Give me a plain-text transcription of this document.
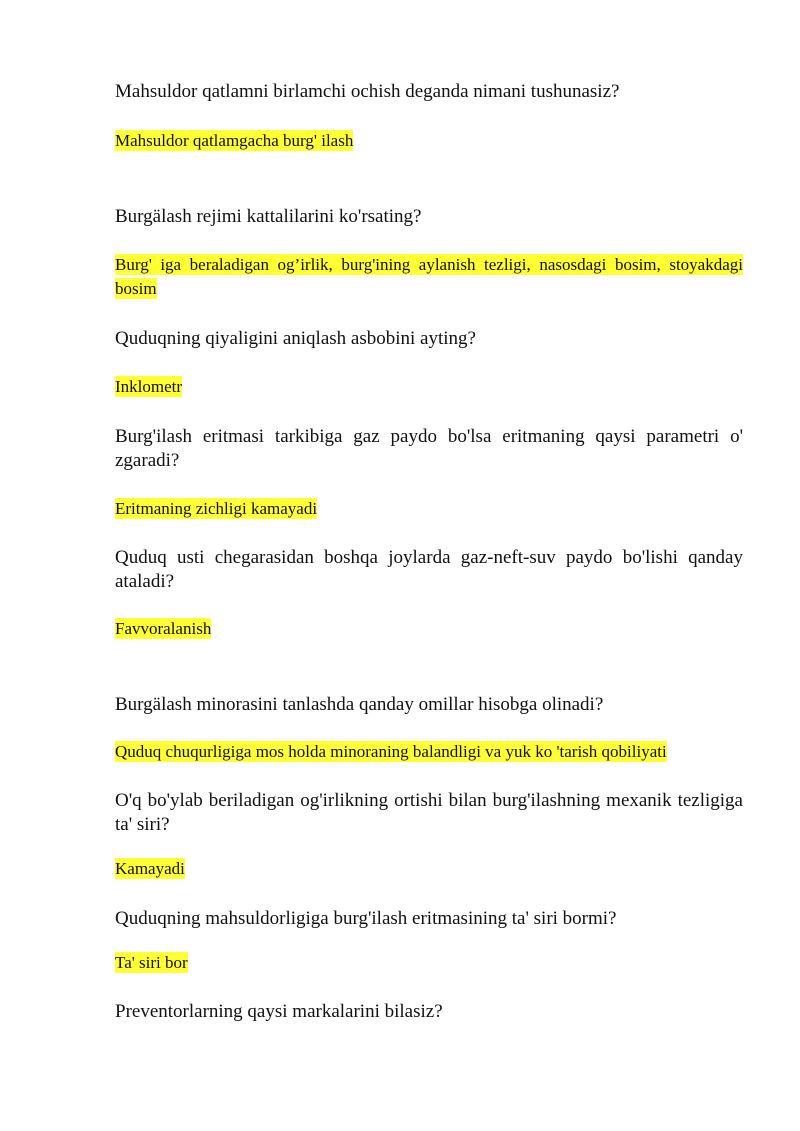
Mahsuldor qatlamni birlamchi ochish deganda nimani tushunasiz?

Mahsuldor qatlamgacha burg' ilash

Burgälash rejimi kattalilarini ko'rsating?

Burg' iga beraladigan og’irlik, burg'ining aylanish tezligi, nasosdagi bosim, stoyakdagi bosim

Quduqning qiyaligini aniqlash asbobini ayting?

Inklometr

Burg'ilash eritmasi tarkibiga gaz paydo bo'lsa eritmaning qaysi parametri o' zgaradi?

Eritmaning zichligi kamayadi

Quduq usti chegarasidan boshqa joylarda gaz-neft-suv paydo bo'lishi qanday ataladi?

Favvoralanish

Burgälash minorasini tanlashda qanday omillar hisobga olinadi?

Quduq chuqurligiga mos holda minoraning balandligi va yuk ko 'tarish qobiliyati

O'q bo'ylab beriladigan og'irlikning ortishi bilan burg'ilashning mexanik tezligiga ta' siri?

Kamayadi

Quduqning mahsuldorligiga burg'ilash eritmasining ta' siri bormi?

Ta' siri bor

Preventorlarning qaysi markalarini bilasiz?
